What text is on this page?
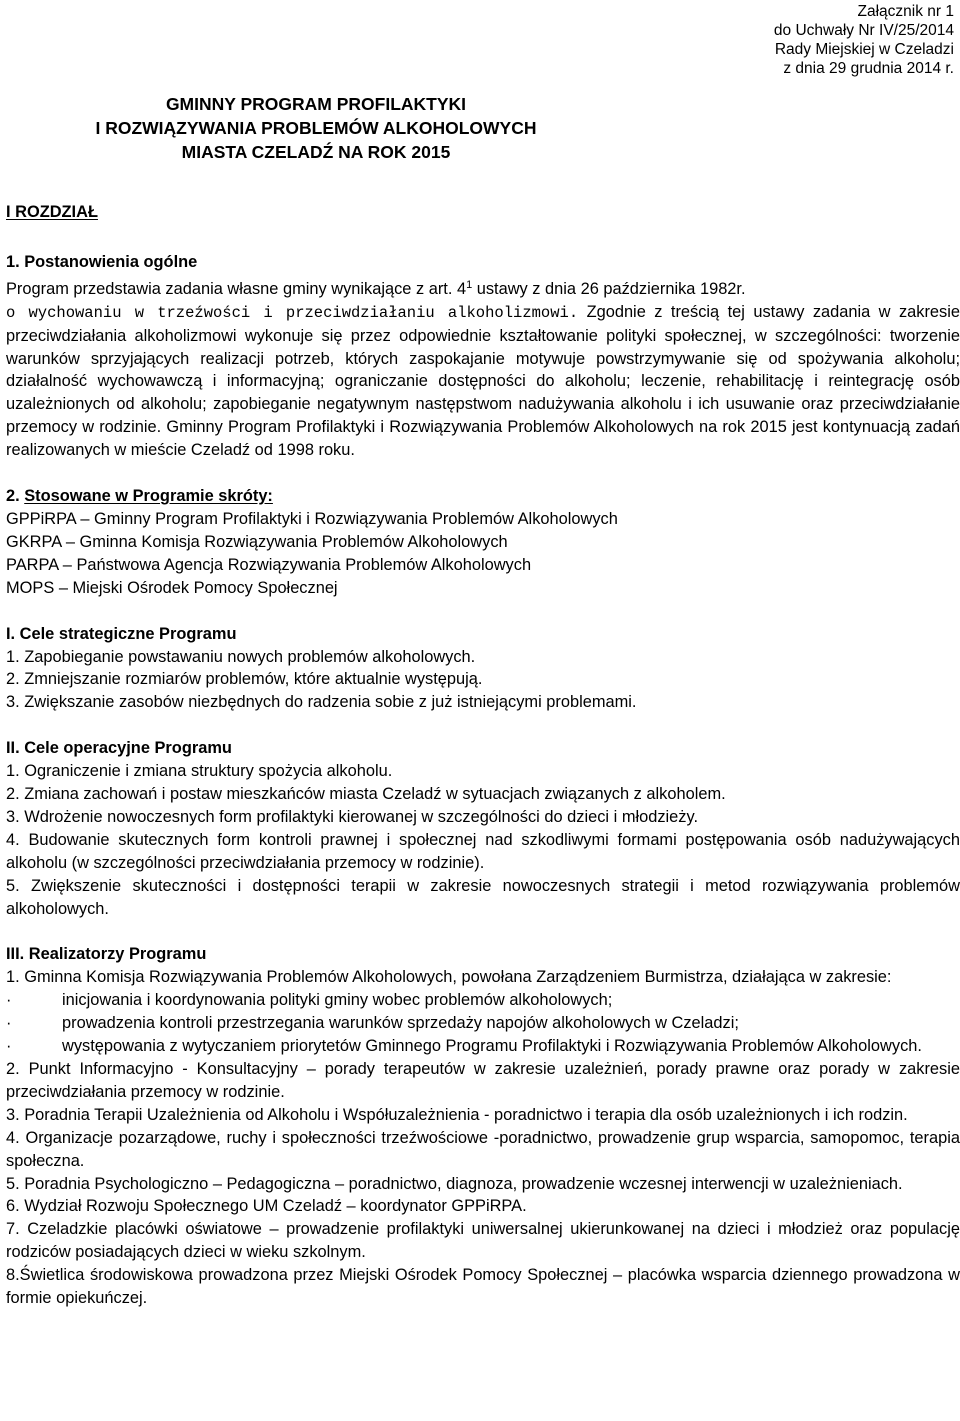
Załącznik nr 1
do Uchwały Nr IV/25/2014
Rady Miejskiej w Czeladzi
z dnia 29 grudnia 2014 r.
GMINNY PROGRAM PROFILAKTYKI
I ROZWIĄZYWANIA PROBLEMÓW ALKOHOLOWYCH
MIASTA CZELADŹ NA ROK 2015

I ROZDZIAŁ

1. Postanowienia ogólne

Program przedstawia zadania własne gminy wynikające z art. $4^1$ ustawy z dnia 26 października 1982r.

o wychowaniu w trzeźwości i przeciwdziałaniu alkoholizmowi. Zgodnie z treścią tej ustawy zadania w zakresie przeciwdziałania alkoholizmowi wykonuje się przez odpowiednie kształtowanie polityki społecznej, w szczególności: tworzenie warunków sprzyjających realizacji potrzeb, których zaspokajanie motywuje powstrzymywanie się od spożywania alkoholu; działalność wychowawczą i informacyjną; ograniczanie dostępności do alkoholu; leczenie, rehabilitację i reintegrację osób uzależnionych od alkoholu; zapobieganie negatywnym następstwom nadużywania alkoholu i ich usuwanie oraz przeciwdziałanie przemocy w rodzinie. Gminny Program Profilaktyki i Rozwiązywania Problemów Alkoholowych na rok 2015 jest kontynuacją zadań realizowanych w mieście Czeladź od 1998 roku.

2. Stosowane w Programie skróty:

GPPiRPA – Gminny Program Profilaktyki i Rozwiązywania Problemów Alkoholowych

GKRPA – Gminna Komisja Rozwiązywania Problemów Alkoholowych

PARPA – Państwowa Agencja Rozwiązywania Problemów Alkoholowych

MOPS – Miejski Ośrodek Pomocy Społecznej

I. Cele strategiczne Programu

1. Zapobieganie powstawaniu nowych problemów alkoholowych.

2. Zmniejszanie rozmiarów problemów, które aktualnie występują.

3. Zwiększanie zasobów niezbędnych do radzenia sobie z już istniejącymi problemami.

II. Cele operacyjne Programu

1. Ograniczenie i zmiana struktury spożycia alkoholu.

2. Zmiana zachowań i postaw mieszkańców miasta Czeladź w sytuacjach związanych z alkoholem.

3. Wdrożenie nowoczesnych form profilaktyki kierowanej w szczególności do dzieci i młodzieży.

4. Budowanie skutecznych form kontroli prawnej i społecznej nad szkodliwymi formami postępowania osób nadużywających alkoholu (w szczególności przeciwdziałania przemocy w rodzinie).

5. Zwiększenie skuteczności i dostępności terapii w zakresie nowoczesnych strategii i metod rozwiązywania problemów alkoholowych.

III. Realizatorzy Programu

1. Gminna Komisja Rozwiązywania Problemów Alkoholowych, powołana Zarządzeniem Burmistrza, działająca w zakresie:

·	inicjowania i koordynowania polityki gminy wobec problemów alkoholowych;

·	prowadzenia kontroli przestrzegania warunków sprzedaży napojów alkoholowych w Czeladzi;

·	występowania z wytyczaniem priorytetów Gminnego Programu Profilaktyki i Rozwiązywania Problemów Alkoholowych.

2. Punkt Informacyjno - Konsultacyjny – porady terapeutów w zakresie uzależnień, porady prawne oraz porady w zakresie przeciwdziałania przemocy w rodzinie.

3. Poradnia Terapii Uzależnienia od Alkoholu i Współuzależnienia - poradnictwo i terapia dla osób uzależnionych i ich rodzin.

4. Organizacje pozarządowe, ruchy i społeczności trzeźwościowe -poradnictwo, prowadzenie grup wsparcia, samopomoc, terapia społeczna.

5. Poradnia Psychologiczno – Pedagogiczna – poradnictwo, diagnoza, prowadzenie wczesnej interwencji w uzależnieniach.

6. Wydział Rozwoju Społecznego UM Czeladź – koordynator GPPiRPA.

7. Czeladzkie placówki oświatowe – prowadzenie profilaktyki uniwersalnej ukierunkowanej na dzieci i młodzież oraz populację rodziców posiadających dzieci w wieku szkolnym.

8.Świetlica środowiskowa prowadzona przez Miejski Ośrodek Pomocy Społecznej – placówka wsparcia dziennego prowadzona w formie opiekuńczej.
